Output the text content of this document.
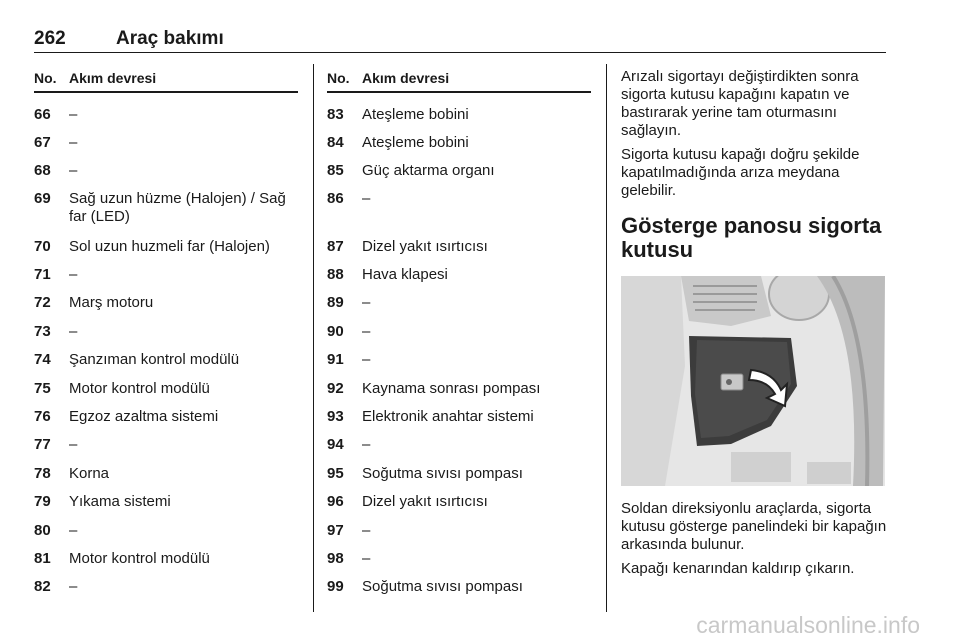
262	Araç bakımı
No. Akım devresi
66 –
67 –
68 –
69 Sağ uzun hüzme (Halojen) / Sağ far (LED)
70 Sol uzun huzmeli far (Halojen)
71 –
72 Marş motoru
73 –
74 Şanzıman kontrol modülü
75 Motor kontrol modülü
76 Egzoz azaltma sistemi
77 –
78 Korna
79 Yıkama sistemi
80 –
81 Motor kontrol modülü
82 –
No. Akım devresi
83 Ateşleme bobini
84 Ateşleme bobini
85 Güç aktarma organı
86 –
87 Dizel yakıt ısırtıcısı
88 Hava klapesi
89 –
90 –
91 –
92 Kaynama sonrası pompası
93 Elektronik anahtar sistemi
94 –
95 Soğutma sıvısı pompası
96 Dizel yakıt ısırtıcısı
97 –
98 –
99 Soğutma sıvısı pompası

Arızalı sigortayı değiştirdikten sonra sigorta kutusu kapağını kapatın ve bastırarak yerine tam oturmasını sağlayın.

Sigorta kutusu kapağı doğru şekilde kapatılmadığında arıza meydana gelebilir.

Gösterge panosu sigorta kutusu

Soldan direksiyonlu araçlarda, sigorta kutusu gösterge panelindeki bir kapağın arkasında bulunur.

Kapağı kenarından kaldırıp çıkarın.

carmanualsonline.info
